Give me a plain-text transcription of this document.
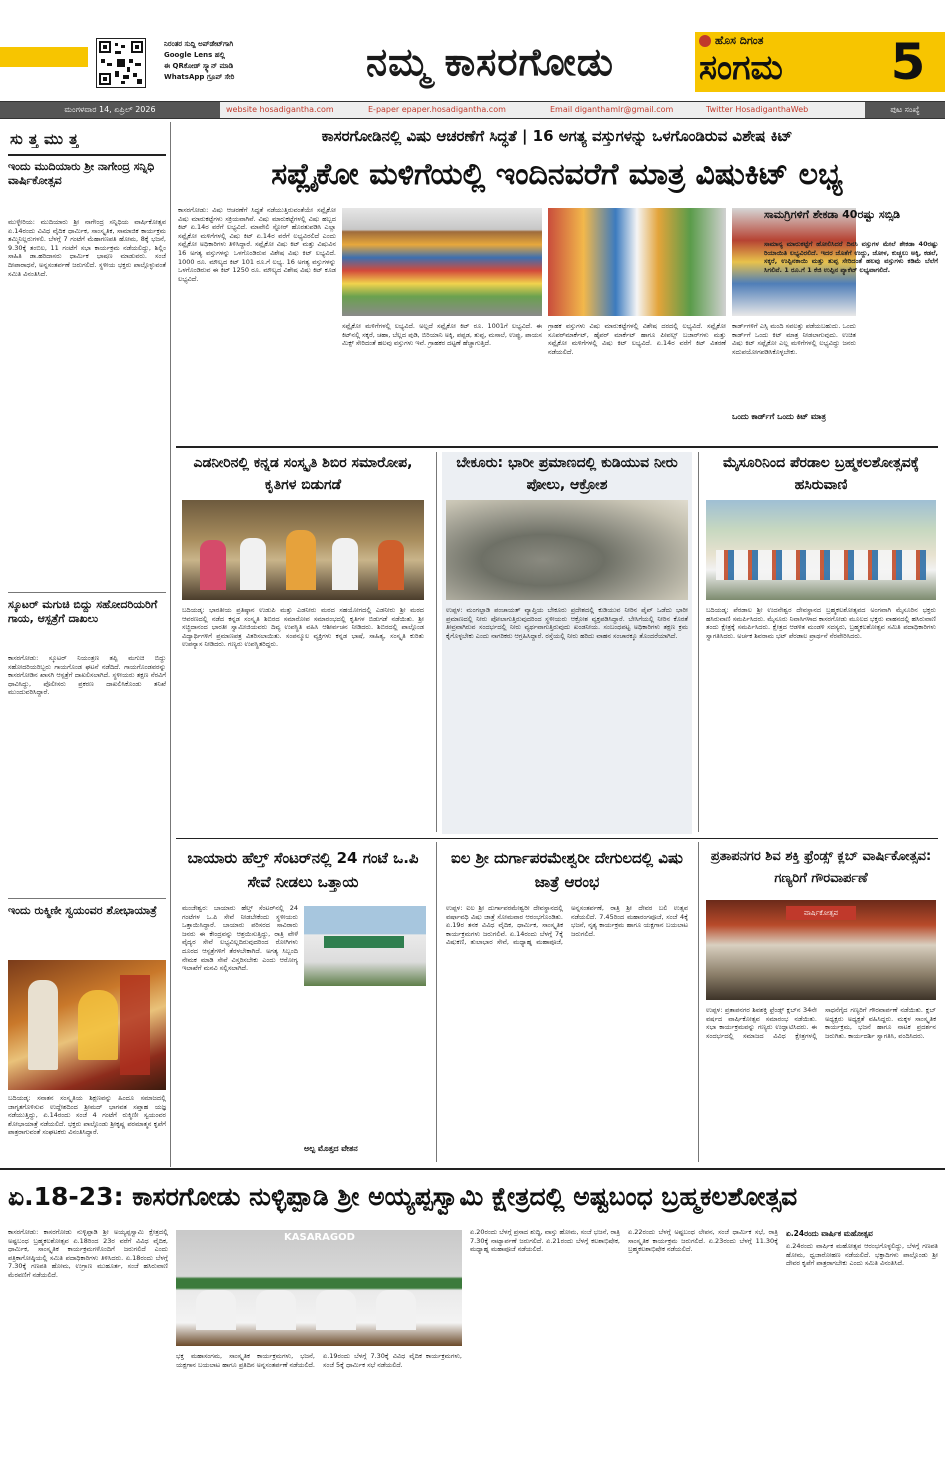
ನಿರಂತರ ಸುದ್ದಿ ಅಪ್‌ಡೇಟ್‌ಗಾಗಿ
Google Lens ಹಲ್ಲಿ
ಈ QRಕೋಡ್ ಸ್ಕ್ಯಾನ್ ಮಾಡಿ
WhatsApp ಗ್ರೂಪ್ ಸೇರಿ	ನಮ್ಮ ಕಾಸರಗೋಡು	ಹೊಸ ದಿಗಂತ
ಸಂಗಮ	5
ಮಂಗಳವಾರ 14, ಏಪ್ರಿಲ್ 2026	website hosadigantha.com	E-paper epaper.hosadigantha.com	Email diganthamlr@gmail.com	Twitter HosadiganthaWeb	ಪುಟ ಸಂಖ್ಯೆ
ಸುತ್ತಮುತ್ತ
ಇಂದು ಮುದಿಯಾರು ಶ್ರೀ ನಾಗೇಂದ್ರ ಸನ್ನಿಧಿ ವಾರ್ಷಿಕೋತ್ಸವ
ಮುಳ್ಳೇರಿಯ: ಮುದಿಯಾರು ಶ್ರೀ ನಾಗೇಂದ್ರ ಸನ್ನಿಧಿಯ ವಾರ್ಷಿಕೋತ್ಸವ ಏ.14ರಂದು ವಿವಿಧ ವೈದಿಕ ಧಾರ್ಮಿಕ, ಸಾಂಸ್ಕೃತಿಕ, ಸಾಮಾಜಿಕ ಕಾರ್ಯಕ್ರಮ ತಮ್ಮಿನಿಲ್ಲರುಗಳಲಿ. ಬೆಳಗ್ಗೆ 7 ಗಂಟೆಗೆ ಮೆಹಾಗಣಪತಿ ಹೋಮ, 8ಕ್ಕೆ ಭಜನೆ, 9.30ಕ್ಕೆ ತಂಬಿಲ, 11 ಗಂಟೆಗೆ ಸಭಾ ಕಾರ್ಯಕ್ರಮ ನಡೆಯಲಿದ್ದು, ಶಿಲ್ಲಿಂ ಸಾಹಿತಿ ಡಾ.ಹರಿದಾಸರು ಧಾರ್ಮಿಕ ಭಾಷಣ ಮಾಡುವರು. ಸಂಜೆ ದೀಪಾರಾಧನೆ, ಅನ್ನಸಂತರ್ಪಣೆ ಜರುಗಲಿದೆ. ಸ್ಥಳೀಯ ಭಕ್ತರು ಪಾಲ್ಗೊಳ್ಳುವಂತೆ ಸಮಿತಿ ವಿನಂತಿಸಿದೆ.
ಸ್ಕೂಟರ್ ಮಗುಚಿ ಬಿದ್ದು ಸಹೋದರಿಯರಿಗೆ ಗಾಯ, ಆಸ್ಪತ್ರೆಗೆ ದಾಖಲು
ಕಾಸರಗೋಡು: ಸ್ಕೂಟರ್ ನಿಯಂತ್ರಣ ತಪ್ಪಿ ಮಗುಚಿ ಬಿದ್ದು ಸಹೋದರಿಯರಿಬ್ಬರು ಗಾಯಗೊಂಡ ಘಟನೆ ನಡೆದಿದೆ. ಗಾಯಗೊಂಡವರನ್ನು ಕಾಸರಗೋಡಿನ ಖಾಸಗಿ ಆಸ್ಪತ್ರೆಗೆ ದಾಖಲಿಸಲಾಗಿದೆ. ಸ್ಥಳೀಯರು ತಕ್ಷಣ ನೆರವಿಗೆ ಧಾವಿಸಿದ್ದು, ಪೊಲೀಸರು ಪ್ರಕರಣ ದಾಖಲಿಸಿಕೊಂಡು ತನಿಖೆ ಮುಂದುವರಿಸಿದ್ದಾರೆ.
ಇಂದು ರುಕ್ಮಿಣೀ ಸ್ವಯಂವರ ಶೋಭಾಯಾತ್ರೆ
ಬದಿಯಡ್ಕ: ಸನಾತನ ಸಂಸ್ಕೃತಿಯ ಶಿಕ್ಷಣವನ್ನು ಹಿಂದೂ ಸಮಾಜದಲ್ಲಿ ಜಾಗೃತಗೊಳಿಸುವ ಉದ್ದೇಶದಿಂದ ಶ್ರೀಮದ್ ಭಾಗವತ ಸಪ್ತಾಹ ಯಜ್ಞ ನಡೆಯುತ್ತಿದ್ದು, ಏ.14ರಂದು ಸಂಜೆ 4 ಗಂಟೆಗೆ ರುಕ್ಮಿಣೀ ಸ್ವಯಂವರ ಶೋಭಾಯಾತ್ರೆ ನಡೆಯಲಿದೆ. ಭಕ್ತರು ಪಾಲ್ಗೊಂಡು ಶ್ರೀಕೃಷ್ಣ ಪರಮಾತ್ಮನ ಕೃಪೆಗೆ ಪಾತ್ರರಾಗುವಂತೆ ಸಂಘಟಕರು ವಿನಂತಿಸಿದ್ದಾರೆ.
ಕಾಸರಗೋಡಿನಲ್ಲಿ ವಿಷು ಆಚರಣೆಗೆ ಸಿದ್ಧತೆ | 16 ಅಗತ್ಯ ವಸ್ತುಗಳನ್ನು ಒಳಗೊಂಡಿರುವ ವಿಶೇಷ ಕಿಟ್
ಸಪ್ಲೈಕೋ ಮಳಿಗೆಯಲ್ಲಿ ಇಂದಿನವರೆಗೆ ಮಾತ್ರ ವಿಷುಕಿಟ್ ಲಭ್ಯ
ಕಾಸರಗೋಡು: ವಿಷು ಆಚರಣೆಗೆ ಸಿದ್ಧತೆ ನಡೆಯುತ್ತಿರುವಂತೆಯೇ ಸಪ್ಲೈಕೋ ವಿಷು ಮಾರುಕಟ್ಟೆಗಳು ಸಕ್ರಿಯವಾಗಿವೆ. ವಿಷು ಮಾರುಕಟ್ಟೆಗಳಲ್ಲಿ ವಿಷು ಹಬ್ಬದ ಕಿಟ್ ಏ.14ರ ವರೆಗೆ ಲಭ್ಯವಿದೆ. ಮಾವೇಲಿ ಸ್ಟೋರ್ ಹೊರತುಪಡಿಸಿ ಎಲ್ಲಾ ಸಪ್ಲೈಕೋ ಮಳಿಗೆಗಳಲ್ಲಿ ವಿಷು ಕಿಟ್ ಏ.14ರ ವರೆಗೆ ಲಭ್ಯವಿರಲಿದೆ ಎಂದು ಸಪ್ಲೈಕೋ ಅಧಿಕಾರಿಗಳು ತಿಳಿಸಿದ್ದಾರೆ. ಸಪ್ಲೈಕೋ ವಿಷು ಕಿಟ್ ಮತ್ತು ವಿಷುವಿನ 16 ಅಗತ್ಯ ವಸ್ತುಗಳನ್ನು ಒಳಗೊಂಡಿರುವ ವಿಶೇಷ ವಿಷು ಕಿಟ್ ಲಭ್ಯವಿದೆ. 1000 ರೂ. ಮೌಲ್ಯದ ಕಿಟ್ 101 ರೂ.ಗೆ ಲಭ್ಯ. 16 ಅಗತ್ಯ ವಸ್ತುಗಳನ್ನು ಒಳಗೊಂಡಿರುವ ಈ ಕಿಟ್ 1250 ರೂ. ಮೌಲ್ಯದ ವಿಶೇಷ ವಿಷು ಕಿಟ್ ಕೂಡ ಲಭ್ಯವಿದೆ.
ಸಪ್ಲೈಕೋ ಮಳಿಗೆಗಳಲ್ಲಿ ಲಭ್ಯವಿದೆ. ಅಲ್ಲದೆ ಸಪ್ಲೈಕೋ ಕಿಟ್ ರೂ. 1001ಗೆ ಲಭ್ಯವಿದೆ. ಈ ಕಿಟ್‌ನಲ್ಲಿ ಸಕ್ಕರೆ, ಚಹಾ, ಬೆಲ್ಲದ ಪುಡಿ, ಬಿರಿಯಾನಿ ಅಕ್ಕಿ, ಪಪ್ಪಡ, ತುಪ್ಪ, ಮಸಾಲೆ, ಉಪ್ಪು, ಪಾಯಸ ಮಿಕ್ಸ್ ಸೇರಿದಂತೆ ಹಲವು ವಸ್ತುಗಳು ಇವೆ. ಗ್ರಾಹಕರ ದಟ್ಟಣೆ ಹೆಚ್ಚಾಗುತ್ತಿದೆ.
ಗ್ರಾಹಕ ವಸ್ತುಗಳು ವಿಷು ಮಾರುಕಟ್ಟೆಗಳಲ್ಲಿ ವಿಶೇಷ ದರದಲ್ಲಿ ಲಭ್ಯವಿದೆ. ಸಪ್ಲೈಕೋ ಸೂಪರ್‌ಮಾರ್ಕೆಟ್, ಹೈಪರ್ ಮಾರ್ಕೆಟ್ ಹಾಗೂ ಪೀಪಲ್ಸ್ ಬಜಾರ್‌ಗಳು ಮತ್ತು ಸಪ್ಲೈಕೋ ಮಳಿಗೆಗಳಲ್ಲಿ ವಿಷು ಕಿಟ್ ಲಭ್ಯವಿದೆ. ಏ.14ರ ವರೆಗೆ ಕಿಟ್ ವಿತರಣೆ ನಡೆಯಲಿದೆ.
ಕಾರ್ಡ್‌ಗಳಿಗೆ ಎಸ್ಸಿ ಮಂದಿ ಸವಲತ್ತು ಪಡೆಯಬಹುದು. ಒಂದು ಕಾರ್ಡ್‌ಗೆ ಒಂದು ಕಿಟ್ ಮಾತ್ರ ನೀಡಲಾಗುವುದು. ಉಚಿತ ವಿಷು ಕಿಟ್ ಸಪ್ಲೈಕೋ ಎಲ್ಲ ಮಳಿಗೆಗಳಲ್ಲಿ ಲಭ್ಯವಿದ್ದು ಜನರು ಸದುಪಯೋಗಪಡಿಸಿಕೊಳ್ಳಬೇಕು.
ಒಂದು ಕಾರ್ಡ್‌ಗೆ ಒಂದು ಕಿಟ್ ಮಾತ್ರ
ಸಾಮಗ್ರಿಗಳಿಗೆ ಶೇಕಡಾ 40ರಷ್ಟು ಸಬ್ಸಿಡಿ
ಸಾಮಾನ್ಯ ಮಾರುಕಟ್ಟೆಗೆ ಹೋಲಿಸಿದರೆ ದಿನಸಿ ವಸ್ತುಗಳ ಮೇಲೆ ಶೇಕಡಾ 40ರಷ್ಟು ರಿಯಾಯಿತಿ ಲಭ್ಯವಿರಲಿದೆ. ಇದರ ಜೊತೆಗೆ ಉದ್ದು, ಜೋಳ, ಕುಚ್ಚಲು ಅಕ್ಕಿ, ಕಡಲೆ, ಸಕ್ಕರೆ, ಉಪ್ಪಿನಕಾಯಿ ಮತ್ತು ತುಪ್ಪ ಸೇರಿದಂತೆ ಹಲವು ವಸ್ತುಗಳು ಕಡಿಮೆ ಬೆಲೆಗೆ ಸಿಗಲಿವೆ. 1 ರೂ.ಗೆ 1 ಕೆಜಿ ಉಪ್ಪಿನ ಪ್ಯಾಕೆಟ್ ಲಭ್ಯವಾಗಲಿದೆ.
ಎಡನೀರಿನಲ್ಲಿ ಕನ್ನಡ ಸಂಸ್ಕೃತಿ ಶಿಬಿರ ಸಮಾರೋಪ, ಕೃತಿಗಳ ಬಿಡುಗಡೆ
ಬದಿಯಡ್ಕ: ಭಾರತೀಯ ಪ್ರತಿಷ್ಠಾನ ಉಡುಪಿ ಮತ್ತು ಎಡನೀರು ಮಠದ ಸಹಯೋಗದಲ್ಲಿ ಎಡನೀರು ಶ್ರೀ ಮಠದ ಆವರಣದಲ್ಲಿ ನಡೆದ ಕನ್ನಡ ಸಂಸ್ಕೃತಿ ಶಿಬಿರದ ಸಮಾರೋಪ ಸಮಾರಂಭದಲ್ಲಿ ಕೃತಿಗಳ ಬಿಡುಗಡೆ ನಡೆಯಿತು. ಶ್ರೀ ಸಚ್ಚಿದಾನಂದ ಭಾರತೀ ಸ್ವಾಮೀಜಿಯವರು ದಿವ್ಯ ಉಪಸ್ಥಿತಿ ವಹಿಸಿ ಆಶೀರ್ವಚನ ನೀಡಿದರು. ಶಿಬಿರದಲ್ಲಿ ಪಾಲ್ಗೊಂಡ ವಿದ್ಯಾರ್ಥಿಗಳಿಗೆ ಪ್ರಮಾಣಪತ್ರ ವಿತರಿಸಲಾಯಿತು. ಸಂಪನ್ಮೂಲ ವ್ಯಕ್ತಿಗಳು ಕನ್ನಡ ಭಾಷೆ, ಸಾಹಿತ್ಯ, ಸಂಸ್ಕೃತಿ ಕುರಿತು ಉಪನ್ಯಾಸ ನೀಡಿದರು. ಗಣ್ಯರು ಉಪಸ್ಥಿತರಿದ್ದರು.
ಬೇಕೂರು: ಭಾರೀ ಪ್ರಮಾಣದಲ್ಲಿ ಕುಡಿಯುವ ನೀರು ಪೋಲು, ಆಕ್ರೋಶ
ಉಪ್ಪಳ: ಮಂಗಲ್ಪಾಡಿ ಪಂಚಾಯತ್ ವ್ಯಾಪ್ತಿಯ ಬೇಕೂರು ಪ್ರದೇಶದಲ್ಲಿ ಕುಡಿಯುವ ನೀರಿನ ಪೈಪ್ ಒಡೆದು ಭಾರೀ ಪ್ರಮಾಣದಲ್ಲಿ ನೀರು ಪೋಲಾಗುತ್ತಿರುವುದರಿಂದ ಸ್ಥಳೀಯರು ಆಕ್ರೋಶ ವ್ಯಕ್ತಪಡಿಸಿದ್ದಾರೆ. ಬೇಸಿಗೆಯಲ್ಲಿ ನೀರಿನ ಕೊರತೆ ತೀವ್ರವಾಗಿರುವ ಸಂದರ್ಭದಲ್ಲಿ ನೀರು ವ್ಯರ್ಥವಾಗುತ್ತಿರುವುದು ಖಂಡನೀಯ. ಸಂಬಂಧಪಟ್ಟ ಅಧಿಕಾರಿಗಳು ತಕ್ಷಣ ಕ್ರಮ ಕೈಗೊಳ್ಳಬೇಕು ಎಂದು ನಾಗರಿಕರು ಆಗ್ರಹಿಸಿದ್ದಾರೆ. ರಸ್ತೆಯಲ್ಲಿ ನೀರು ಹರಿದು ವಾಹನ ಸಂಚಾರಕ್ಕೂ ತೊಂದರೆಯಾಗಿದೆ.
ಮೈಸೂರಿನಿಂದ ಪೆರಡಾಲ ಬ್ರಹ್ಮಕಲಶೋತ್ಸವಕ್ಕೆ ಹಸಿರುವಾಣಿ
ಬದಿಯಡ್ಕ: ಪೆರಡಾಲ ಶ್ರೀ ಉದನೇಶ್ವರ ದೇವಸ್ಥಾನದ ಬ್ರಹ್ಮಕಲಶೋತ್ಸವದ ಅಂಗವಾಗಿ ಮೈಸೂರಿನ ಭಕ್ತರು ಹಸಿರುವಾಣಿ ಸಮರ್ಪಿಸಿದರು. ಮೈಸೂರು ನಿವಾಸಿಗಳಾದ ಕಾಸರಗೋಡು ಮೂಲದ ಭಕ್ತರು ವಾಹನದಲ್ಲಿ ಹಸಿರುವಾಣಿ ತಂದು ಕ್ಷೇತ್ರಕ್ಕೆ ಸಮರ್ಪಿಸಿದರು. ಕ್ಷೇತ್ರದ ಆಡಳಿತ ಮಂಡಳಿ ಸದಸ್ಯರು, ಬ್ರಹ್ಮಕಲಶೋತ್ಸವ ಸಮಿತಿ ಪದಾಧಿಕಾರಿಗಳು ಸ್ವಾಗತಿಸಿದರು. ಅರ್ಚಕ ಶಿವರಾಮ ಭಟ್ ಪೆರಡಾಲ ಪ್ರಾರ್ಥನೆ ನೆರವೇರಿಸಿದರು.
ಬಾಯಾರು ಹೆಲ್ತ್ ಸೆಂಟರ್‌ನಲ್ಲಿ 24 ಗಂಟೆ ಒ.ಪಿ ಸೇವೆ ನೀಡಲು ಒತ್ತಾಯ
ಮಂಜೇಶ್ವರ: ಬಾಯಾರು ಹೆಲ್ತ್ ಸೆಂಟರ್‌ನಲ್ಲಿ 24 ಗಂಟೆಗಳ ಒ.ಪಿ ಸೇವೆ ನೀಡಬೇಕೆಂದು ಸ್ಥಳೀಯರು ಒತ್ತಾಯಿಸಿದ್ದಾರೆ. ಬಾಯಾರು ಪರಿಸರದ ಸಾವಿರಾರು ಜನರು ಈ ಕೇಂದ್ರವನ್ನು ಆಶ್ರಯಿಸುತ್ತಿದ್ದು, ರಾತ್ರಿ ವೇಳೆ ವೈದ್ಯರ ಸೇವೆ ಲಭ್ಯವಿಲ್ಲದಿರುವುದರಿಂದ ರೋಗಿಗಳು ದೂರದ ಆಸ್ಪತ್ರೆಗಳಿಗೆ ತೆರಳಬೇಕಾಗಿದೆ. ಅಗತ್ಯ ಸಿಬ್ಬಂದಿ ನೇಮಕ ಮಾಡಿ ಸೇವೆ ವಿಸ್ತರಿಸಬೇಕು ಎಂದು ಆರೋಗ್ಯ ಇಲಾಖೆಗೆ ಮನವಿ ಸಲ್ಲಿಸಲಾಗಿದೆ.
ಅಲ್ಪ ಮೊತ್ತದ ವೇತನ
ಐಲ ಶ್ರೀ ದುರ್ಗಾಪರಮೇಶ್ವರೀ ದೇಗುಲದಲ್ಲಿ ವಿಷು ಜಾತ್ರೆ ಆರಂಭ
ಉಪ್ಪಳ: ಐಲ ಶ್ರೀ ದುರ್ಗಾಪರಮೇಶ್ವರೀ ದೇವಸ್ಥಾನದಲ್ಲಿ ವರ್ಷಾವಧಿ ವಿಷು ಜಾತ್ರೆ ಸೋಮವಾರ ಆರಂಭಗೊಂಡಿತು. ಏ.19ರ ತನಕ ವಿವಿಧ ವೈದಿಕ, ಧಾರ್ಮಿಕ, ಸಾಂಸ್ಕೃತಿಕ ಕಾರ್ಯಕ್ರಮಗಳು ಜರುಗಲಿವೆ. ಏ.14ರಂದು ಬೆಳಗ್ಗೆ 7ಕ್ಕೆ ವಿಷುಕಣಿ, ತುಲಾಭಾರ ಸೇವೆ, ಮಧ್ಯಾಹ್ನ ಮಹಾಪೂಜೆ, ಅನ್ನಸಂತರ್ಪಣೆ, ರಾತ್ರಿ ಶ್ರೀ ದೇವರ ಬಲಿ ಉತ್ಸವ ನಡೆಯಲಿದೆ. 7.45ರಿಂದ ಮಹಾರಂಗಪೂಜೆ, ಸಂಜೆ 4ಕ್ಕೆ ಭಜನೆ, ನೃತ್ಯ ಕಾರ್ಯಕ್ರಮ ಹಾಗೂ ಯಕ್ಷಗಾನ ಬಯಲಾಟ ಜರುಗಲಿದೆ.
ಪ್ರತಾಪನಗರ ಶಿವ ಶಕ್ತಿ ಫ್ರೆಂಡ್ಸ್ ಕ್ಲಬ್ ವಾರ್ಷಿಕೋತ್ಸವ: ಗಣ್ಯರಿಗೆ ಗೌರವಾರ್ಪಣೆ
ವಾರ್ಷಿಕೋತ್ಸವ
ಉಪ್ಪಳ: ಪ್ರತಾಪನಗರ ಶಿವಶಕ್ತಿ ಫ್ರೆಂಡ್ಸ್ ಕ್ಲಬ್‌ನ 34ನೇ ವರ್ಷದ ವಾರ್ಷಿಕೋತ್ಸವ ಸಮಾರಂಭ ನಡೆಯಿತು. ಸಭಾ ಕಾರ್ಯಕ್ರಮವನ್ನು ಗಣ್ಯರು ಉದ್ಘಾಟಿಸಿದರು. ಈ ಸಂದರ್ಭದಲ್ಲಿ ಸಮಾಜದ ವಿವಿಧ ಕ್ಷೇತ್ರಗಳಲ್ಲಿ ಸಾಧನೆಗೈದ ಗಣ್ಯರಿಗೆ ಗೌರವಾರ್ಪಣೆ ನಡೆಯಿತು. ಕ್ಲಬ್ ಅಧ್ಯಕ್ಷರು ಅಧ್ಯಕ್ಷತೆ ವಹಿಸಿದ್ದರು. ಮಕ್ಕಳ ಸಾಂಸ್ಕೃತಿಕ ಕಾರ್ಯಕ್ರಮ, ಭಜನೆ ಹಾಗೂ ನಾಟಕ ಪ್ರದರ್ಶನ ಜರುಗಿತು. ಕಾರ್ಯದರ್ಶಿ ಸ್ವಾಗತಿಸಿ, ವಂದಿಸಿದರು.
ಏ.18-23: ಕಾಸರಗೋಡು ನುಳ್ಳಿಪ್ಪಾಡಿ ಶ್ರೀ ಅಯ್ಯಪ್ಪಸ್ವಾಮಿ ಕ್ಷೇತ್ರದಲ್ಲಿ ಅಷ್ಟಬಂಧ ಬ್ರಹ್ಮಕಲಶೋತ್ಸವ
ಕಾಸರಗೋಡು: ಕಾಸರಗೋಡು ನುಳ್ಳಿಪ್ಪಾಡಿ ಶ್ರೀ ಅಯ್ಯಪ್ಪಸ್ವಾಮಿ ಕ್ಷೇತ್ರದಲ್ಲಿ ಅಷ್ಟಬಂಧ ಬ್ರಹ್ಮಕಲಶೋತ್ಸವ ಏ.18ರಿಂದ 23ರ ವರೆಗೆ ವಿವಿಧ ವೈದಿಕ, ಧಾರ್ಮಿಕ, ಸಾಂಸ್ಕೃತಿಕ ಕಾರ್ಯಕ್ರಮಗಳೊಂದಿಗೆ ಜರುಗಲಿದೆ ಎಂದು ಪತ್ರಿಕಾಗೋಷ್ಠಿಯಲ್ಲಿ ಸಮಿತಿ ಪದಾಧಿಕಾರಿಗಳು ತಿಳಿಸಿದರು. ಏ.18ರಂದು ಬೆಳಗ್ಗೆ 7.30ಕ್ಕೆ ಗಣಪತಿ ಹೋಮ, ಉಗ್ರಾಣ ಮುಹೂರ್ತ, ಸಂಜೆ ಹಸಿರುವಾಣಿ ಮೆರವಣಿಗೆ ನಡೆಯಲಿದೆ.
KASARAGOD
ಭಕ್ತ ಮಹಾಸಂಗಮ, ಸಾಂಸ್ಕೃತಿಕ ಕಾರ್ಯಕ್ರಮಗಳು, ಭಜನೆ, ಯಕ್ಷಗಾನ ಬಯಲಾಟ ಹಾಗೂ ಪ್ರತಿದಿನ ಅನ್ನಸಂತರ್ಪಣೆ ನಡೆಯಲಿದೆ. ಏ.19ರಂದು ಬೆಳಗ್ಗೆ 7.30ಕ್ಕೆ ವಿವಿಧ ವೈದಿಕ ಕಾರ್ಯಕ್ರಮಗಳು, ಸಂಜೆ 5ಕ್ಕೆ ಧಾರ್ಮಿಕ ಸಭೆ ನಡೆಯಲಿದೆ.
ಏ.20ರಂದು ಬೆಳಗ್ಗೆ ಪ್ರಸಾದ ಶುದ್ಧಿ, ವಾಸ್ತು ಹೋಮ, ಸಂಜೆ ಭಜನೆ, ರಾತ್ರಿ 7.30ಕ್ಕೆ ನಾಟ್ಯಾರ್ಪಣೆ ಜರುಗಲಿದೆ. ಏ.21ರಂದು ಬೆಳಗ್ಗೆ ಕಲಶಾಭಿಷೇಕ, ಮಧ್ಯಾಹ್ನ ಮಹಾಪೂಜೆ ನಡೆಯಲಿದೆ.
ಏ.22ರಂದು ಬೆಳಗ್ಗೆ ಅಷ್ಟಬಂಧ ಲೇಪನ, ಸಂಜೆ ಧಾರ್ಮಿಕ ಸಭೆ, ರಾತ್ರಿ ಸಾಂಸ್ಕೃತಿಕ ಕಾರ್ಯಕ್ರಮ ಜರುಗಲಿದೆ. ಏ.23ರಂದು ಬೆಳಗ್ಗೆ 11.30ಕ್ಕೆ ಬ್ರಹ್ಮಕಲಶಾಭಿಷೇಕ ನಡೆಯಲಿದೆ.	ಏ.24ರಂದು ವಾರ್ಷಿಕ ಮಹೋತ್ಸವ ಆರಂಭಗೊಳ್ಳಲಿದ್ದು, ಬೆಳಗ್ಗೆ ಗಣಪತಿ ಹೋಮ, ಧ್ವಜಾರೋಹಣ ನಡೆಯಲಿದೆ. ಭಕ್ತಾದಿಗಳು ಪಾಲ್ಗೊಂಡು ಶ್ರೀ ದೇವರ ಕೃಪೆಗೆ ಪಾತ್ರರಾಗಬೇಕು ಎಂದು ಸಮಿತಿ ವಿನಂತಿಸಿದೆ.
ಏ.24ರಂದು ವಾರ್ಷಿಕ ಮಹೋತ್ಸವ
